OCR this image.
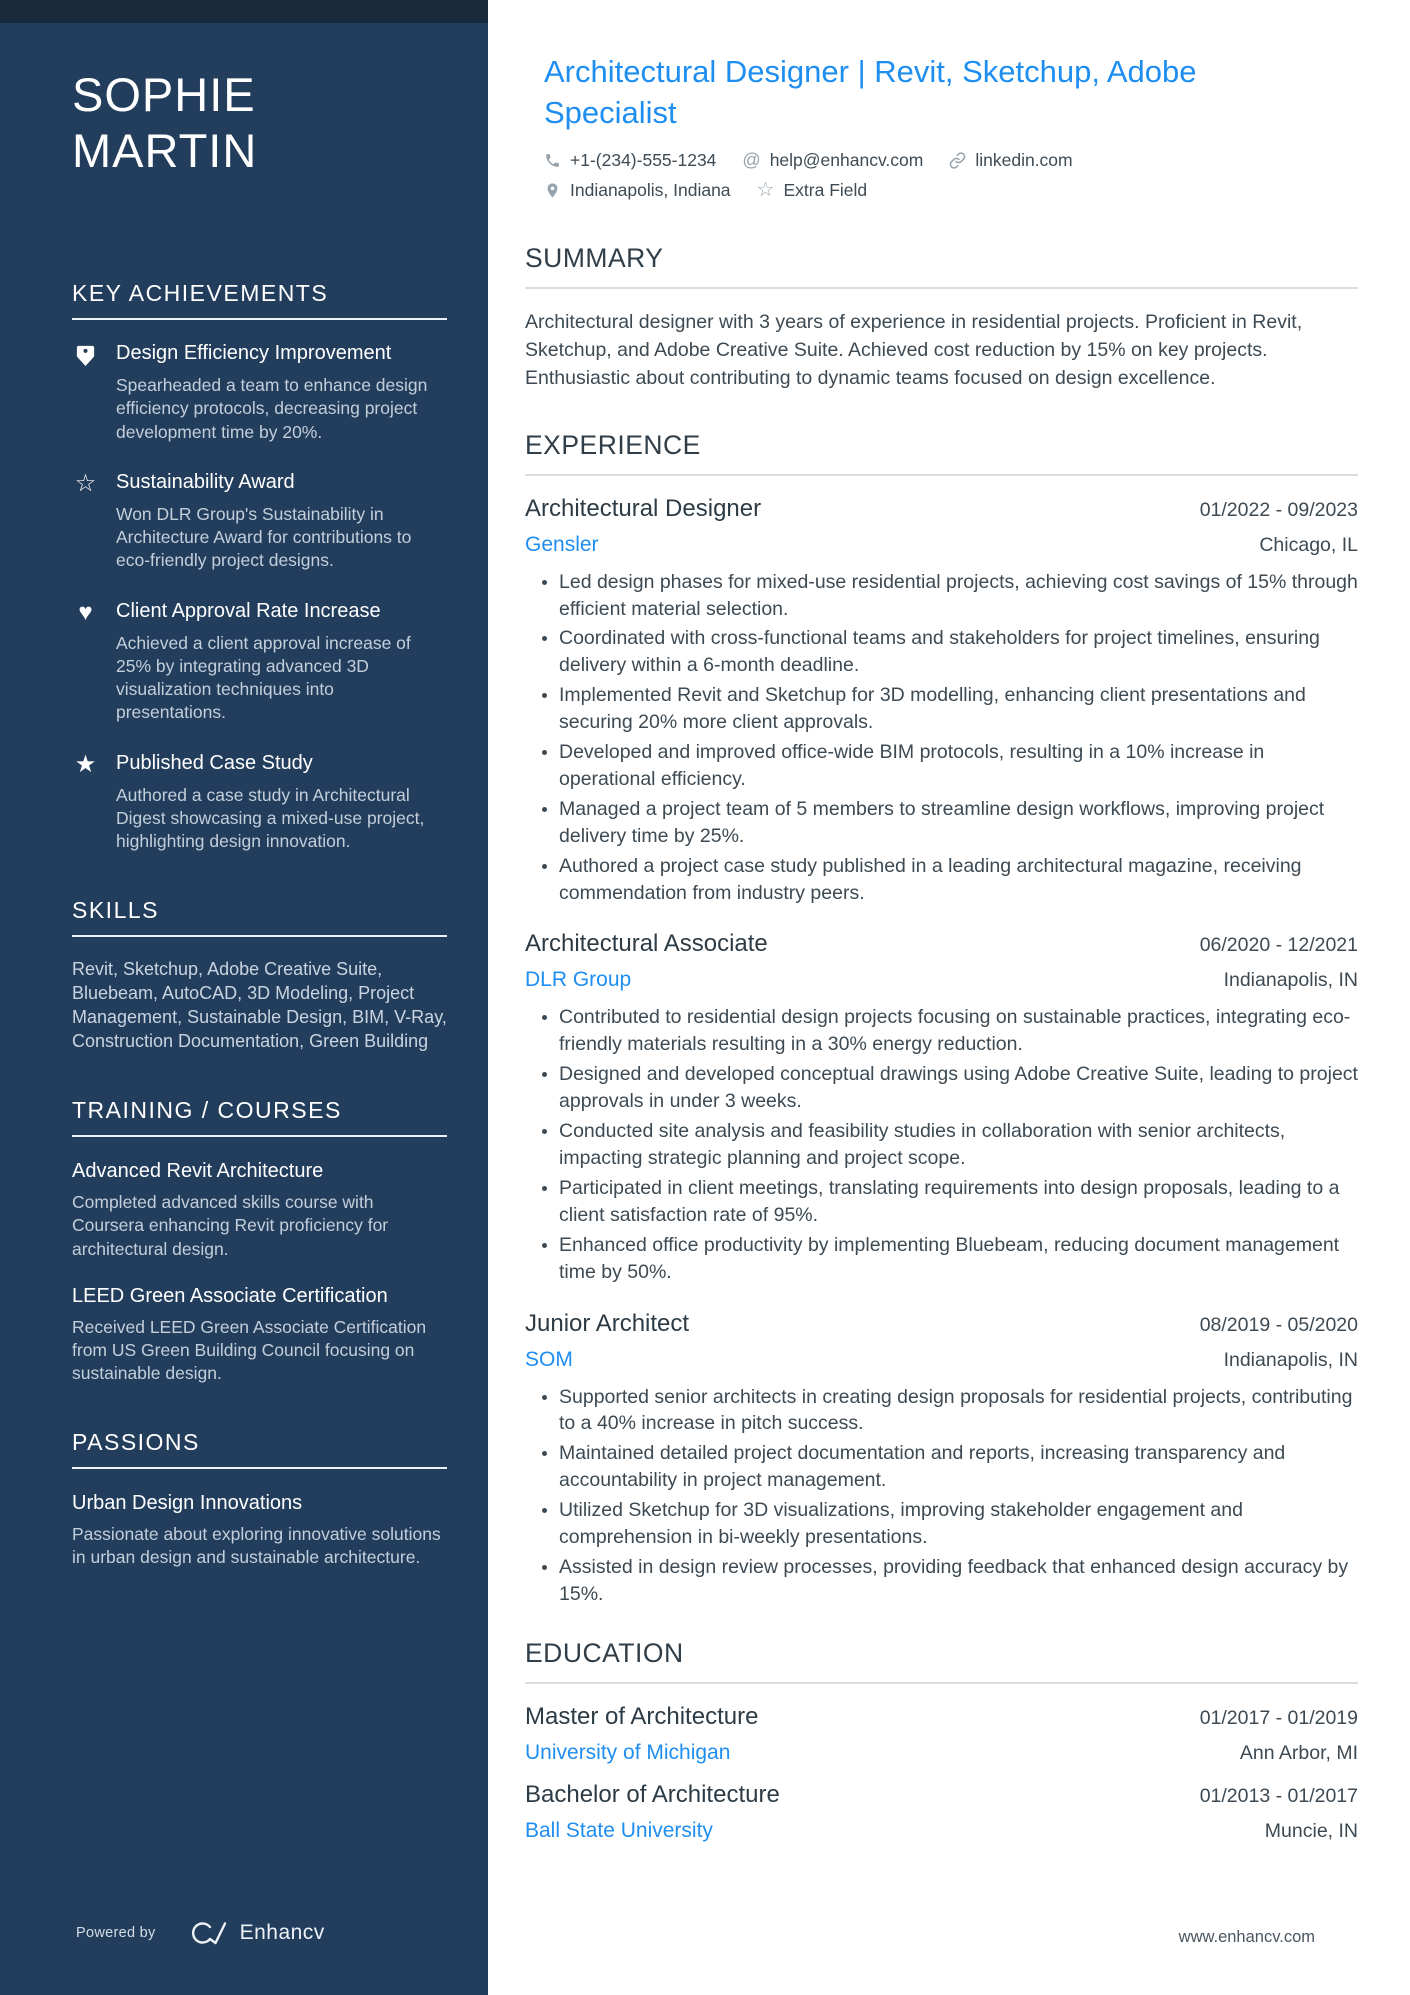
SOPHIE MARTIN
KEY ACHIEVEMENTS
Design Efficiency Improvement

Spearheaded a team to enhance design efficiency protocols, decreasing project development time by 20%.

☆ Sustainability Award

Won DLR Group's Sustainability in Architecture Award for contributions to eco-friendly project designs.

♥	Client Approval Rate Increase

Achieved a client approval increase of 25% by integrating advanced 3D visualization techniques into presentations.

★ Published Case Study

Authored a case study in Architectural Digest showcasing a mixed-use project, highlighting design innovation.

SKILLS

Revit, Sketchup, Adobe Creative Suite, Bluebeam, AutoCAD, 3D Modeling, Project Management, Sustainable Design, BIM, V-Ray, Construction Documentation, Green Building

TRAINING / COURSES
Advanced Revit Architecture

Completed advanced skills course with Coursera enhancing Revit proficiency for architectural design.

LEED Green Associate Certification

Received LEED Green Associate Certification from US Green Building Council focusing on sustainable design.

PASSIONS
Urban Design Innovations

Passionate about exploring innovative solutions in urban design and sustainable architecture.

Powered by	Enhancv
Architectural Designer | Revit, Sketchup, Adobe Specialist
+1-(234)-555-1234 @ help@enhancv.com	linkedin.com
Indianapolis, Indiana ☆ Extra Field
SUMMARY

Architectural designer with 3 years of experience in residential projects. Proficient in Revit, Sketchup, and Adobe Creative Suite. Achieved cost reduction by 15% on key projects. Enthusiastic about contributing to dynamic teams focused on design excellence.

EXPERIENCE
Architectural Designer	01/2022 - 09/2023
Gensler	Chicago, IL
Led design phases for mixed-use residential projects, achieving cost savings of 15% through efficient material selection.
Coordinated with cross-functional teams and stakeholders for project timelines, ensuring delivery within a 6-month deadline.
Implemented Revit and Sketchup for 3D modelling, enhancing client presentations and securing 20% more client approvals.
Developed and improved office-wide BIM protocols, resulting in a 10% increase in operational efficiency.
Managed a project team of 5 members to streamline design workflows, improving project delivery time by 25%.
Authored a project case study published in a leading architectural magazine, receiving commendation from industry peers.
Architectural Associate	06/2020 - 12/2021
DLR Group	Indianapolis, IN
Contributed to residential design projects focusing on sustainable practices, integrating eco-friendly materials resulting in a 30% energy reduction.
Designed and developed conceptual drawings using Adobe Creative Suite, leading to project approvals in under 3 weeks.
Conducted site analysis and feasibility studies in collaboration with senior architects, impacting strategic planning and project scope.
Participated in client meetings, translating requirements into design proposals, leading to a client satisfaction rate of 95%.
Enhanced office productivity by implementing Bluebeam, reducing document management time by 50%.
Junior Architect	08/2019 - 05/2020
SOM	Indianapolis, IN
Supported senior architects in creating design proposals for residential projects, contributing to a 40% increase in pitch success.
Maintained detailed project documentation and reports, increasing transparency and accountability in project management.
Utilized Sketchup for 3D visualizations, improving stakeholder engagement and comprehension in bi-weekly presentations.
Assisted in design review processes, providing feedback that enhanced design accuracy by 15%.
EDUCATION
Master of Architecture	01/2017 - 01/2019
University of Michigan	Ann Arbor, MI
Bachelor of Architecture	01/2013 - 01/2017
Ball State University	Muncie, IN
www.enhancv.com
